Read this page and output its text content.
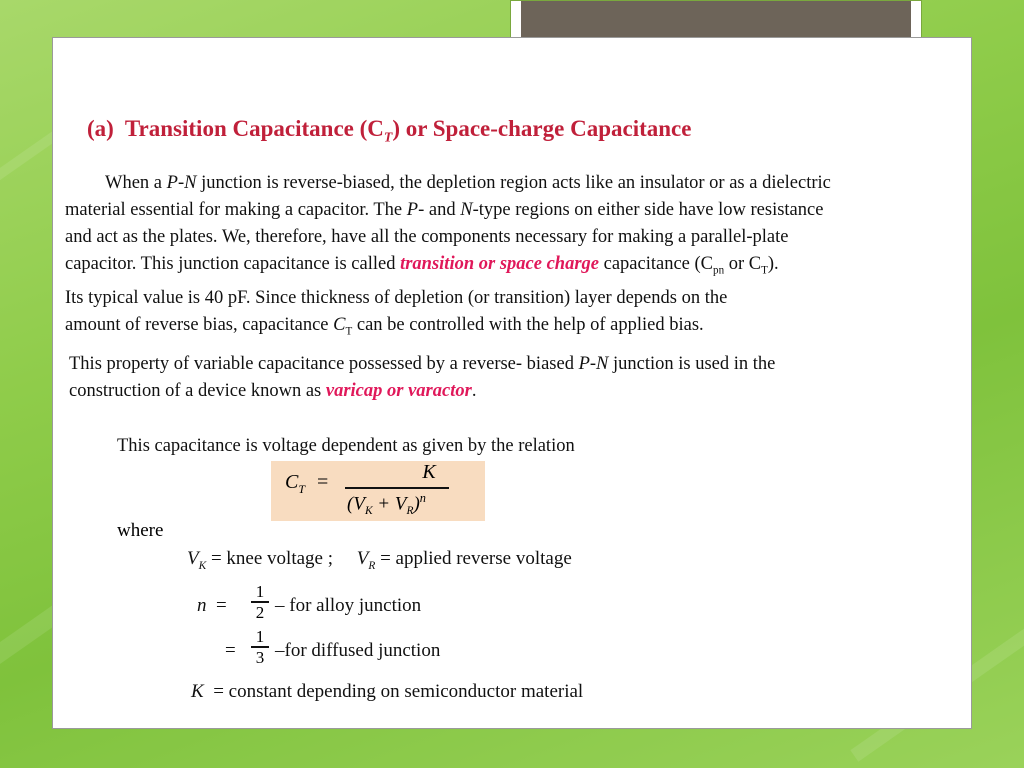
(a) Transition Capacitance $(C_T)$ or Space-charge Capacitance
When a P-N junction is reverse-biased, the depletion region acts like an insulator or as a dielectric
material essential for making a capacitor. The P- and N-type regions on either side have low resistance
and act as the plates. We, therefore, have all the components necessary for making a parallel-plate
capacitor. This junction capacitance is called transition or space charge capacitance ($C_{pn}$ or $C_T$).
Its typical value is 40 pF. Since thickness of depletion (or transition) layer depends on the
amount of reverse bias, capacitance $C_T$ can be controlled with the help of applied bias.
This property of variable capacitance possessed by a reverse- biased P-N junction is used in the
construction of a device known as varicap or varactor.
This capacitance is voltage dependent as given by the relation
$C_T$ =	K
$(V_K + V_R)^n$
where
$V_K$ = knee voltage ; $V_R$ = applied reverse voltage
n =
1
2 – for alloy junction
=
1
3 –for diffused junction
K = constant depending on semiconductor material
